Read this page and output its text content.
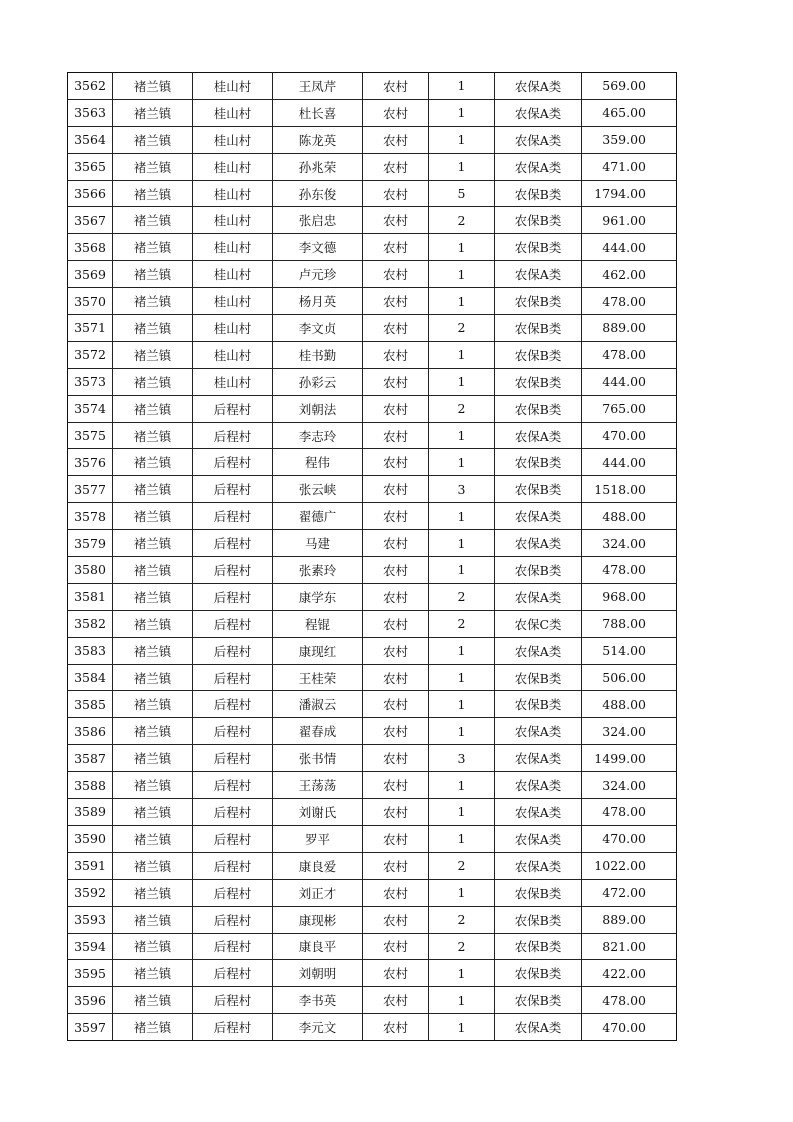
3562	褚兰镇	桂山村	王凤芹	农村	1	农保A类	569.00
3563	褚兰镇	桂山村	杜长喜	农村	1	农保A类	465.00
3564	褚兰镇	桂山村	陈龙英	农村	1	农保A类	359.00
3565	褚兰镇	桂山村	孙兆荣	农村	1	农保A类	471.00
3566	褚兰镇	桂山村	孙东俊	农村	5	农保B类	1794.00
3567	褚兰镇	桂山村	张启忠	农村	2	农保B类	961.00
3568	褚兰镇	桂山村	李文德	农村	1	农保B类	444.00
3569	褚兰镇	桂山村	卢元珍	农村	1	农保A类	462.00
3570	褚兰镇	桂山村	杨月英	农村	1	农保B类	478.00
3571	褚兰镇	桂山村	李文贞	农村	2	农保B类	889.00
3572	褚兰镇	桂山村	桂书勤	农村	1	农保B类	478.00
3573	褚兰镇	桂山村	孙彩云	农村	1	农保B类	444.00
3574	褚兰镇	后程村	刘朝法	农村	2	农保B类	765.00
3575	褚兰镇	后程村	李志玲	农村	1	农保A类	470.00
3576	褚兰镇	后程村	程伟	农村	1	农保B类	444.00
3577	褚兰镇	后程村	张云峡	农村	3	农保B类	1518.00
3578	褚兰镇	后程村	翟德广	农村	1	农保A类	488.00
3579	褚兰镇	后程村	马建	农村	1	农保A类	324.00
3580	褚兰镇	后程村	张素玲	农村	1	农保B类	478.00
3581	褚兰镇	后程村	康学东	农村	2	农保A类	968.00
3582	褚兰镇	后程村	程锟	农村	2	农保C类	788.00
3583	褚兰镇	后程村	康现红	农村	1	农保A类	514.00
3584	褚兰镇	后程村	王桂荣	农村	1	农保B类	506.00
3585	褚兰镇	后程村	潘淑云	农村	1	农保B类	488.00
3586	褚兰镇	后程村	翟春成	农村	1	农保A类	324.00
3587	褚兰镇	后程村	张书情	农村	3	农保A类	1499.00
3588	褚兰镇	后程村	王荡荡	农村	1	农保A类	324.00
3589	褚兰镇	后程村	刘谢氏	农村	1	农保A类	478.00
3590	褚兰镇	后程村	罗平	农村	1	农保A类	470.00
3591	褚兰镇	后程村	康良爱	农村	2	农保A类	1022.00
3592	褚兰镇	后程村	刘正才	农村	1	农保B类	472.00
3593	褚兰镇	后程村	康现彬	农村	2	农保B类	889.00
3594	褚兰镇	后程村	康良平	农村	2	农保B类	821.00
3595	褚兰镇	后程村	刘朝明	农村	1	农保B类	422.00
3596	褚兰镇	后程村	李书英	农村	1	农保B类	478.00
3597	褚兰镇	后程村	李元文	农村	1	农保A类	470.00
